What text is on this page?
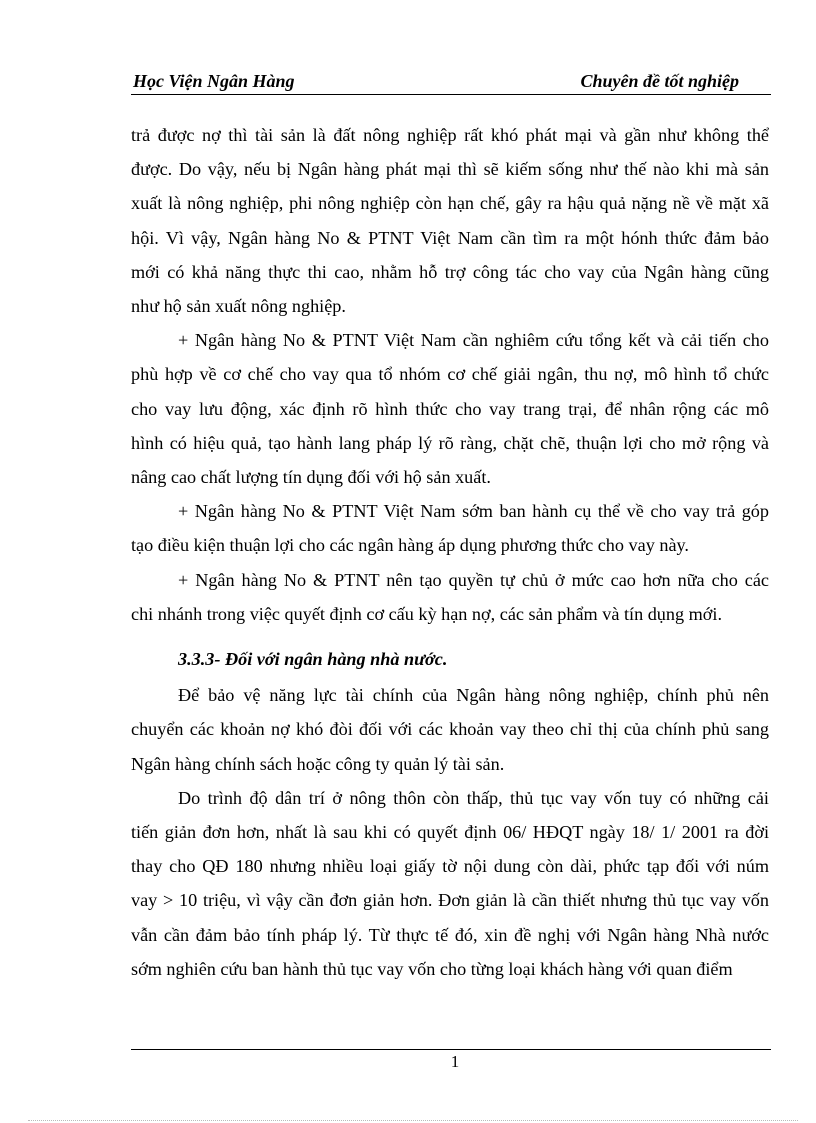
Học Viện Ngân Hàng	Chuyên đề tốt nghiệp
trả được nợ thì tài sản là đất nông nghiệp rất khó phát mại và gần như không thể
được. Do vậy, nếu bị Ngân hàng phát mại thì sẽ kiếm sống như thế nào khi mà sản
xuất là nông nghiệp, phi nông nghiệp còn hạn chế, gây ra hậu quả nặng nề về mặt xã
hội. Vì vậy, Ngân hàng No & PTNT Việt Nam cần tìm ra một hónh thức đảm bảo
mới có khả năng thực thi cao, nhằm hỗ trợ công tác cho vay của Ngân hàng cũng
như hộ sản xuất nông nghiệp.
+ Ngân hàng No & PTNT Việt Nam cần nghiêm cứu tổng kết và cải tiến cho
phù hợp về cơ chế cho vay qua tổ nhóm cơ chế giải ngân, thu nợ, mô hình tổ chức
cho vay lưu động, xác định rõ hình thức cho vay trang trại, để nhân rộng các mô
hình có hiệu quả, tạo hành lang pháp lý rõ ràng, chặt chẽ, thuận lợi cho mở rộng và
nâng cao chất lượng tín dụng đối với hộ sản xuất.
+ Ngân hàng No & PTNT Việt Nam sớm ban hành cụ thể về cho vay trả góp
tạo điều kiện thuận lợi cho các ngân hàng áp dụng phương thức cho vay này.
+ Ngân hàng No & PTNT nên tạo quyền tự chủ ở mức cao hơn nữa cho các
chi nhánh trong việc quyết định cơ cấu kỳ hạn nợ, các sản phẩm và tín dụng mới.
3.3.3- Đối với ngân hàng nhà nước.
Để bảo vệ năng lực tài chính của Ngân hàng nông nghiệp, chính phủ nên
chuyển các khoản nợ khó đòi đối với các khoản vay theo chỉ thị của chính phủ sang
Ngân hàng chính sách hoặc công ty quản lý tài sản.
Do trình độ dân trí ở nông thôn còn thấp, thủ tục vay vốn tuy có những cải
tiến giản đơn hơn, nhất là sau khi có quyết định 06/ HĐQT ngày 18/ 1/ 2001 ra đời
thay cho QĐ 180 nhưng nhiều loại giấy tờ nội dung còn dài, phức tạp đối với núm
vay > 10 triệu, vì vậy cần đơn giản hơn. Đơn giản là cần thiết nhưng thủ tục vay vốn
vẫn cần đảm bảo tính pháp lý. Từ thực tế đó, xin đề nghị với Ngân hàng Nhà nước
sớm nghiên cứu ban hành thủ tục vay vốn cho từng loại khách hàng với quan điểm
1
